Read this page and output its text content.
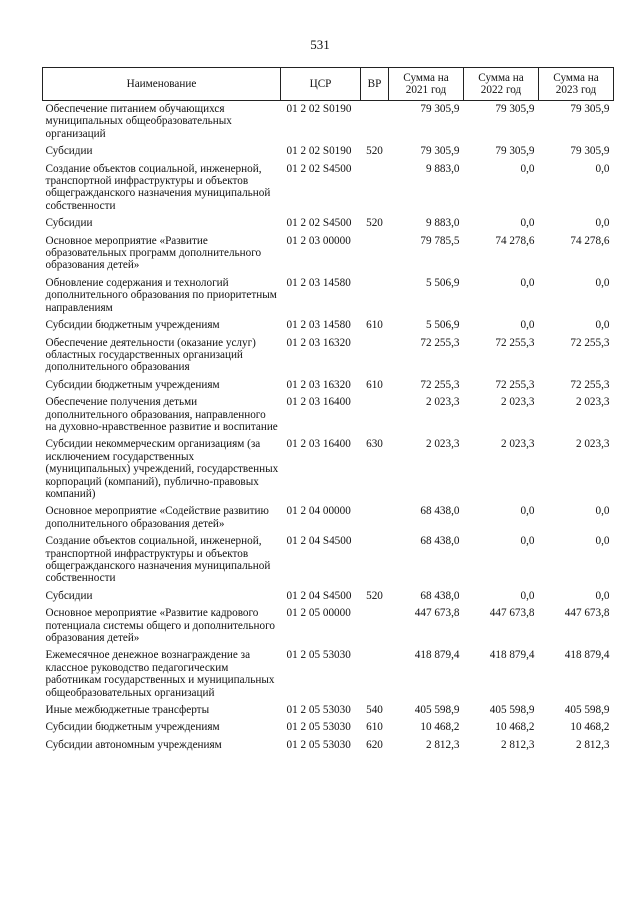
531
Наименование	ЦСР	ВР	Сумма на 2021 год	Сумма на 2022 год	Сумма на 2023 год
Обеспечение питанием обучающихся муниципальных общеобразовательных организаций	01 2 02 S0190		79 305,9	79 305,9	79 305,9
Субсидии	01 2 02 S0190	520	79 305,9	79 305,9	79 305,9
Создание объектов социальной, инженерной, транспортной инфраструктуры и объектов общегражданского назначения муниципальной собственности	01 2 02 S4500		9 883,0	0,0	0,0
Субсидии	01 2 02 S4500	520	9 883,0	0,0	0,0
Основное мероприятие «Развитие образовательных программ дополнительного образования детей»	01 2 03 00000		79 785,5	74 278,6	74 278,6
Обновление содержания и технологий дополнительного образования по приоритетным направлениям	01 2 03 14580		5 506,9	0,0	0,0
Субсидии бюджетным учреждениям	01 2 03 14580	610	5 506,9	0,0	0,0
Обеспечение деятельности (оказание услуг) областных государственных организаций дополнительного образования	01 2 03 16320		72 255,3	72 255,3	72 255,3
Субсидии бюджетным учреждениям	01 2 03 16320	610	72 255,3	72 255,3	72 255,3
Обеспечение получения детьми дополнительного образования, направленного на духовно-нравственное развитие и воспитание	01 2 03 16400		2 023,3	2 023,3	2 023,3
Субсидии некоммерческим организациям (за исключением государственных (муниципальных) учреждений, государственных корпораций (компаний), публично-правовых компаний)	01 2 03 16400	630	2 023,3	2 023,3	2 023,3
Основное мероприятие «Содействие развитию дополнительного образования детей»	01 2 04 00000		68 438,0	0,0	0,0
Создание объектов социальной, инженерной, транспортной инфраструктуры и объектов общегражданского назначения муниципальной собственности	01 2 04 S4500		68 438,0	0,0	0,0
Субсидии	01 2 04 S4500	520	68 438,0	0,0	0,0
Основное мероприятие «Развитие кадрового потенциала системы общего и дополнительного образования детей»	01 2 05 00000		447 673,8	447 673,8	447 673,8
Ежемесячное денежное вознаграждение за классное руководство педагогическим работникам государственных и муниципальных общеобразовательных организаций	01 2 05 53030		418 879,4	418 879,4	418 879,4
Иные межбюджетные трансферты	01 2 05 53030	540	405 598,9	405 598,9	405 598,9
Субсидии бюджетным учреждениям	01 2 05 53030	610	10 468,2	10 468,2	10 468,2
Субсидии автономным учреждениям	01 2 05 53030	620	2 812,3	2 812,3	2 812,3
